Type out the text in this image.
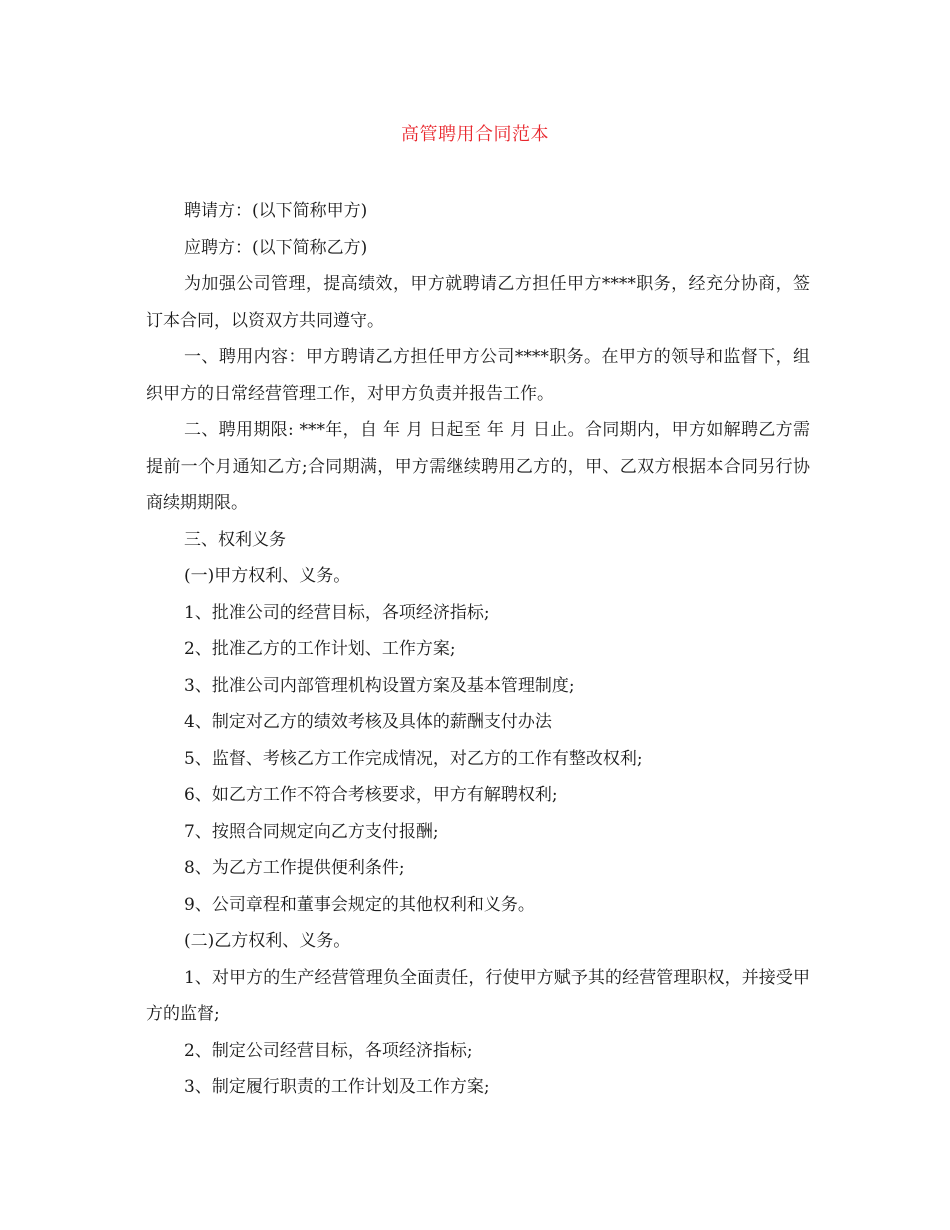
高管聘用合同范本

聘请方：(以下简称甲方)

应聘方：(以下简称乙方)

为加强公司管理，提高绩效，甲方就聘请乙方担任甲方****职务，经充分协商，签订本合同，以资双方共同遵守。

一、聘用内容：甲方聘请乙方担任甲方公司****职务。在甲方的领导和监督下，组织甲方的日常经营管理工作，对甲方负责并报告工作。

二、聘用期限: ***年，自 年 月 日起至 年 月 日止。合同期内，甲方如解聘乙方需提前一个月通知乙方;合同期满，甲方需继续聘用乙方的，甲、乙双方根据本合同另行协商续期期限。

三、权利义务

(一)甲方权利、义务。

1、批准公司的经营目标，各项经济指标;

2、批准乙方的工作计划、工作方案;

3、批准公司内部管理机构设置方案及基本管理制度;

4、制定对乙方的绩效考核及具体的薪酬支付办法

5、监督、考核乙方工作完成情况，对乙方的工作有整改权利;

6、如乙方工作不符合考核要求，甲方有解聘权利;

7、按照合同规定向乙方支付报酬;

8、为乙方工作提供便利条件;

9、公司章程和董事会规定的其他权利和义务。

(二)乙方权利、义务。

1、对甲方的生产经营管理负全面责任，行使甲方赋予其的经营管理职权，并接受甲方的监督;

2、制定公司经营目标，各项经济指标;

3、制定履行职责的工作计划及工作方案;
